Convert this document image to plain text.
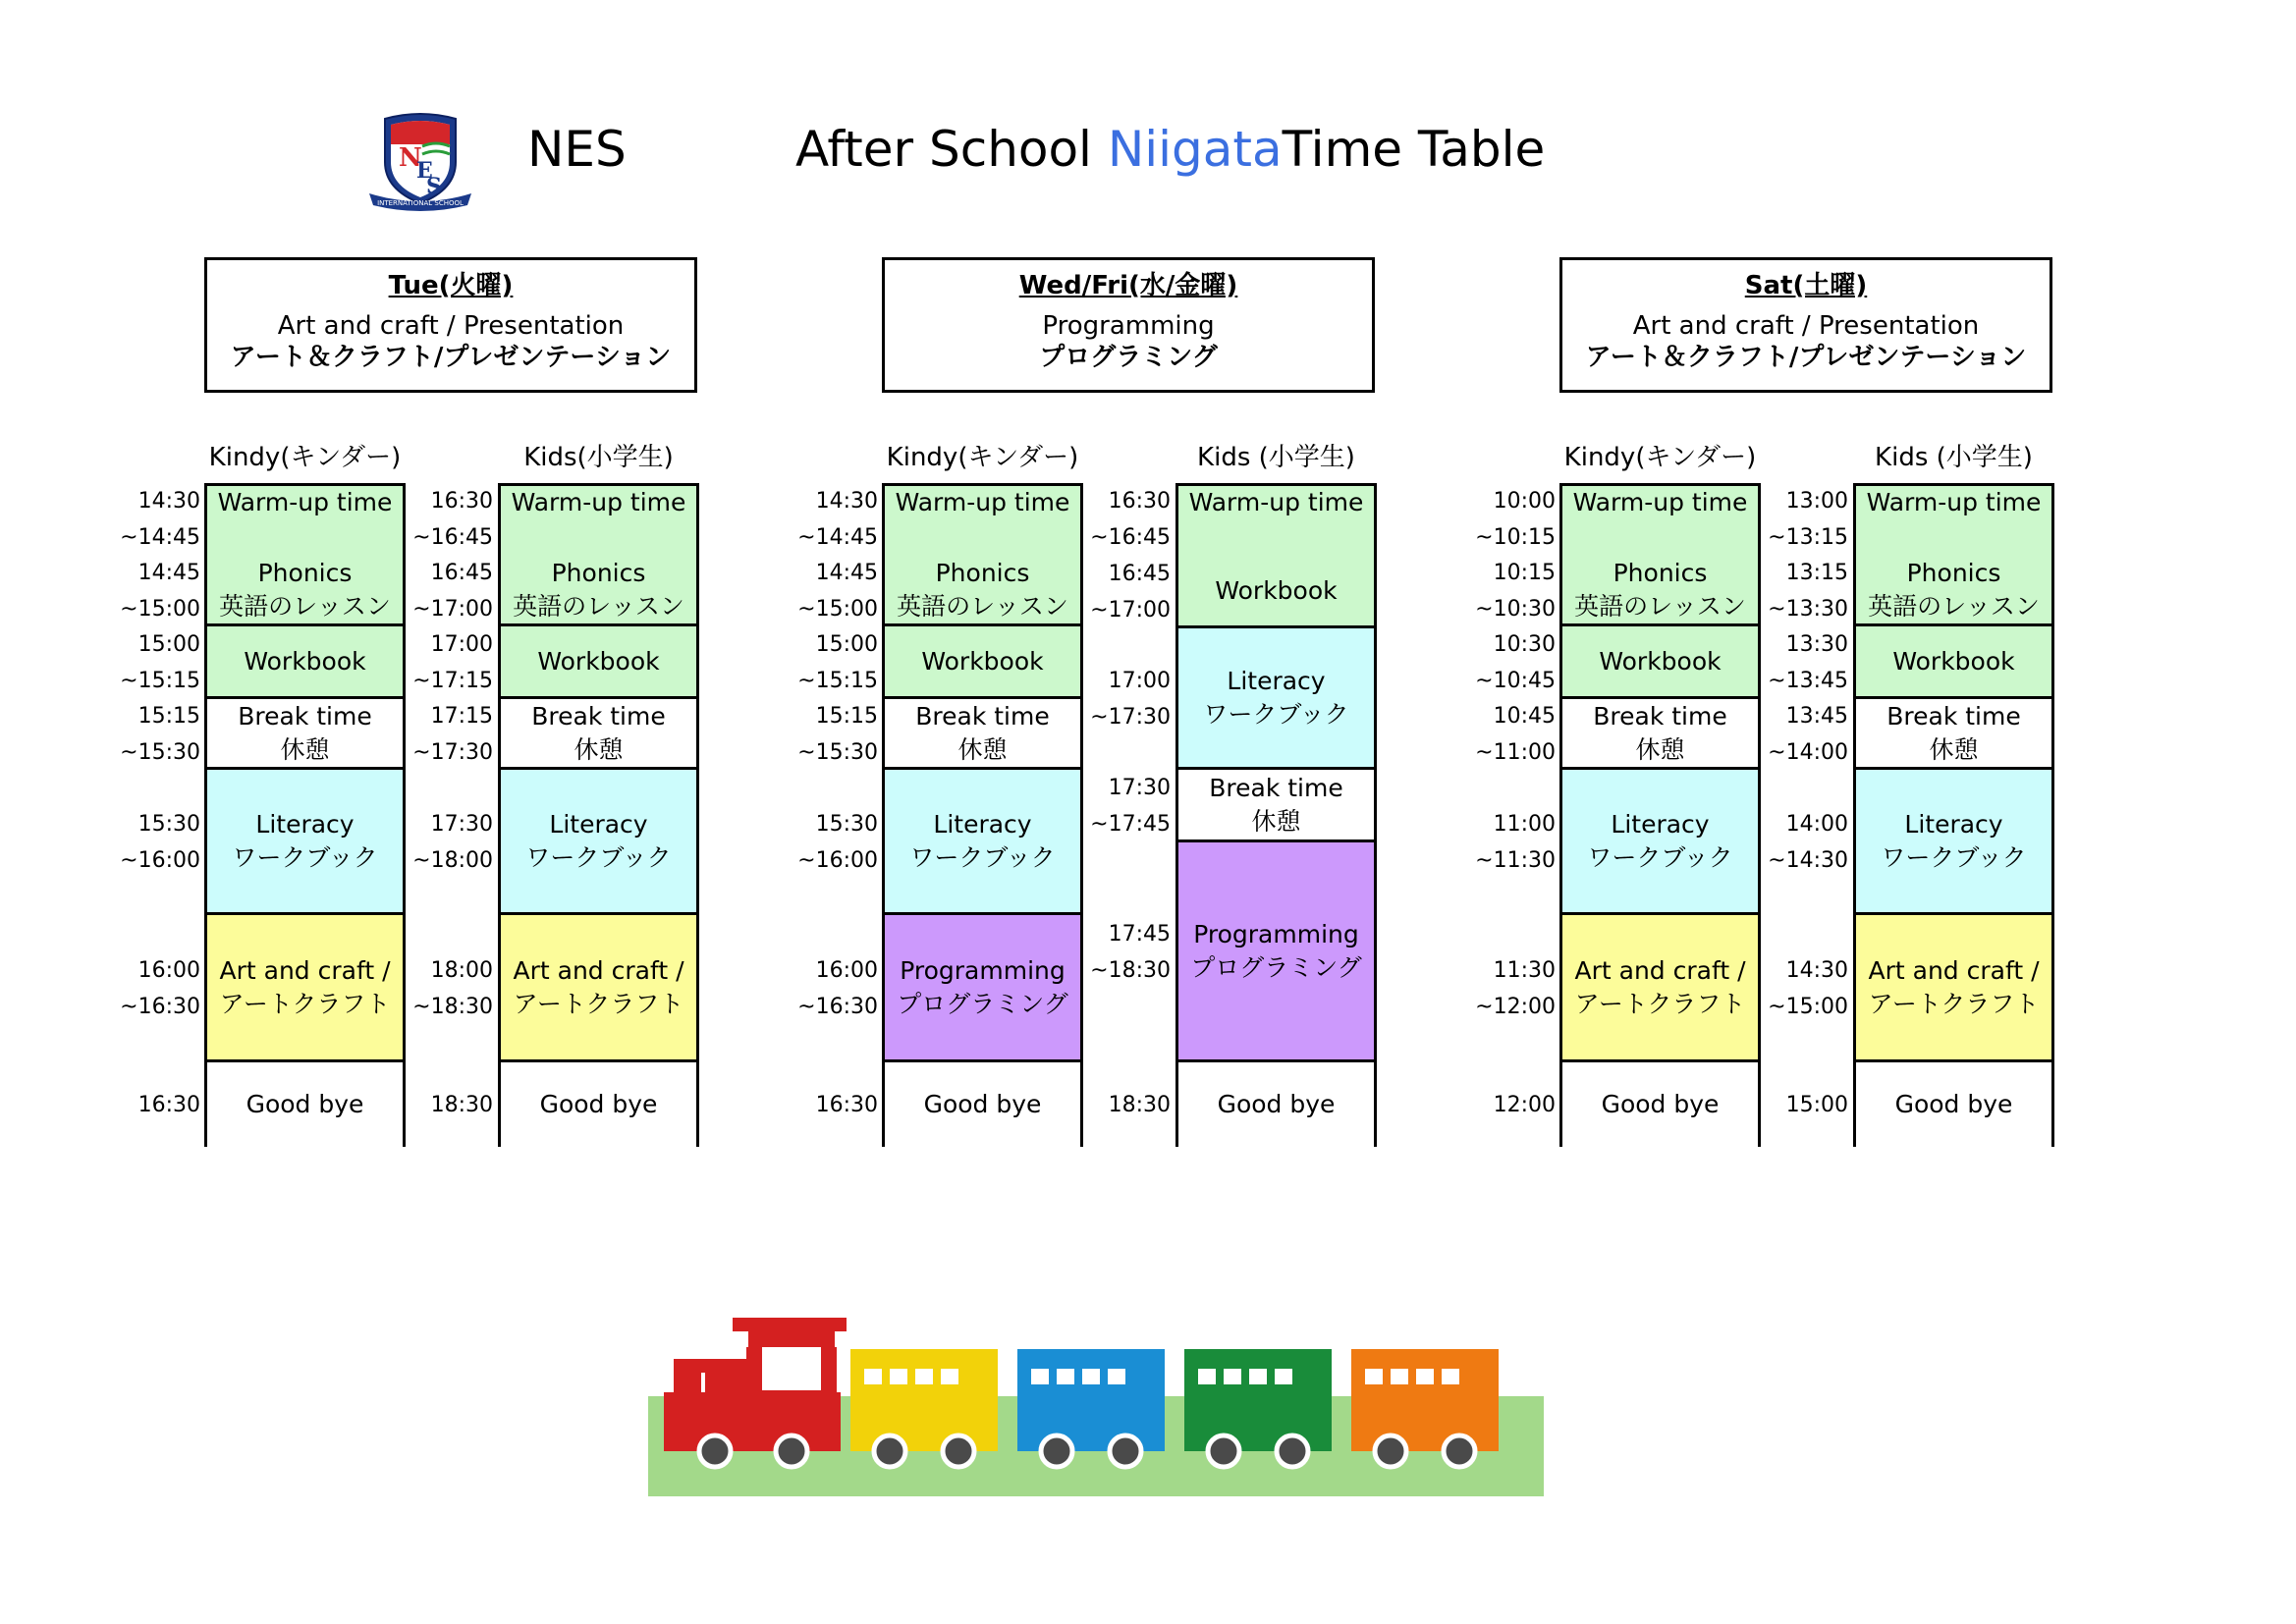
N
E
S
INTERNATIONAL SCHOOL
NES	After School NiigataTime Table
Tue(火曜)
Art and craft / Presentation
アート＆クラフト/プレゼンテーション
Kindy(キンダー)
14:30
~14:45
14:45
~15:00
15:00
~15:15
15:15
~15:30
15:30
~16:00
16:00
~16:30
16:30
Warm-up time
Phonics
英語のレッスン
Workbook
Break time
休憩
Literacy
ワークブック
Art and craft /
アートクラフト
Good bye
Kids(小学生)
16:30
~16:45
16:45
~17:00
17:00
~17:15
17:15
~17:30
17:30
~18:00
18:00
~18:30
18:30
Warm-up time
Phonics
英語のレッスン
Workbook
Break time
休憩
Literacy
ワークブック
Art and craft /
アートクラフト
Good bye
Wed/Fri(水/金曜)
Programming
プログラミング
Kindy(キンダー)
14:30
~14:45
14:45
~15:00
15:00
~15:15
15:15
~15:30
15:30
~16:00
16:00
~16:30
16:30
Warm-up time
Phonics
英語のレッスン
Workbook
Break time
休憩
Literacy
ワークブック
Programming
プログラミング
Good bye
Kids (小学生)
16:30
~16:45
16:45
~17:00
17:00
~17:30
17:30
~17:45
17:45
~18:30
18:30
Warm-up time
Workbook
Literacy
ワークブック
Break time
休憩
Programming
プログラミング
Good bye
Sat(土曜)
Art and craft / Presentation
アート＆クラフト/プレゼンテーション
Kindy(キンダー)
10:00
~10:15
10:15
~10:30
10:30
~10:45
10:45
~11:00
11:00
~11:30
11:30
~12:00
12:00
Warm-up time
Phonics
英語のレッスン
Workbook
Break time
休憩
Literacy
ワークブック
Art and craft /
アートクラフト
Good bye
Kids (小学生)
13:00
~13:15
13:15
~13:30
13:30
~13:45
13:45
~14:00
14:00
~14:30
14:30
~15:00
15:00
Warm-up time
Phonics
英語のレッスン
Workbook
Break time
休憩
Literacy
ワークブック
Art and craft /
アートクラフト
Good bye
